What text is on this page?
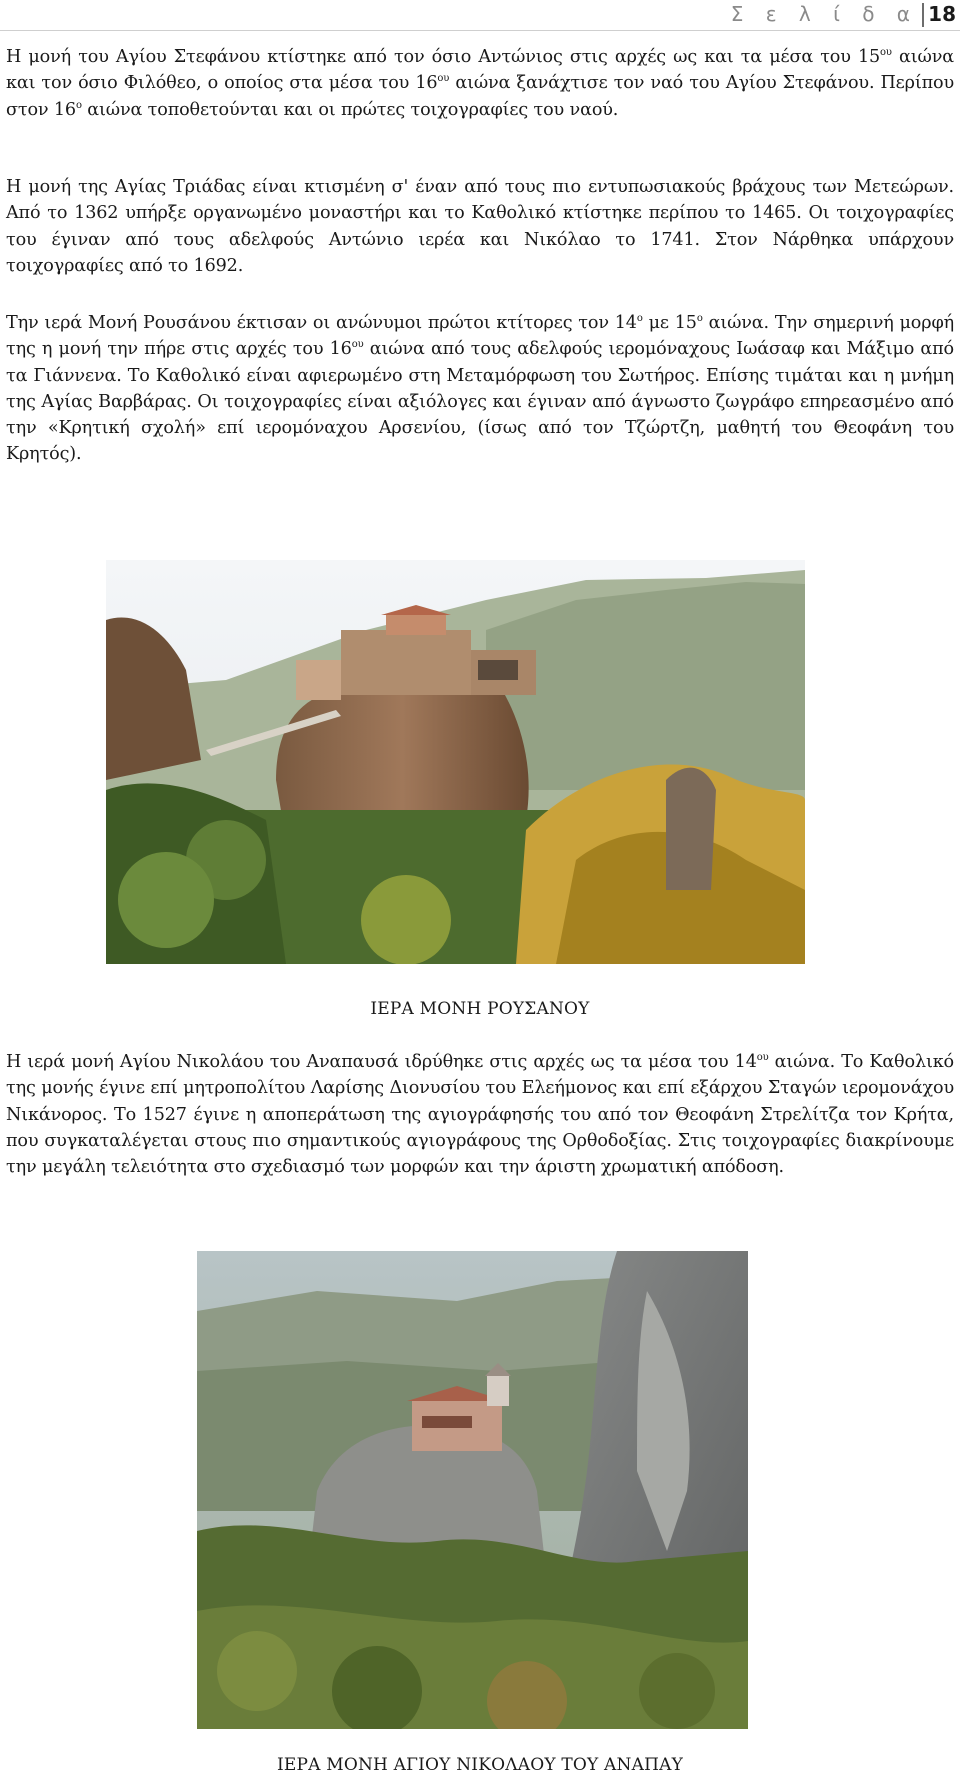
Σ ε λ ί δ α 18

Η μονή του Αγίου Στεφάνου κτίστηκε από τον όσιο Αντώνιος στις αρχές ως και τα μέσα του $15^{o\upsilon}$ αιώνα και τον όσιο Φιλόθεο, ο οποίος στα μέσα του $16^{o\upsilon}$ αιώνα ξανάχτισε τον ναό του Αγίου Στεφάνου. Περίπου στον $16^o$ αιώνα τοποθετούνται και οι πρώτες τοιχογραφίες του ναού.

Η μονή της Αγίας Τριάδας είναι κτισμένη σ' έναν από τους πιο εντυπωσιακούς βράχους των Μετεώρων. Από το 1362 υπήρξε οργανωμένο μοναστήρι και το Καθολικό κτίστηκε περίπου το 1465. Οι τοιχογραφίες του έγιναν από τους αδελφούς Αντώνιο ιερέα και Νικόλαο το 1741. Στον Νάρθηκα υπάρχουν τοιχογραφίες από το 1692.

Την ιερά Μονή Ρουσάνου έκτισαν οι ανώνυμοι πρώτοι κτίτορες τον $14^o$ με $15^o$ αιώνα. Την σημερινή μορφή της η μονή την πήρε στις αρχές του $16^{o\upsilon}$ αιώνα από τους αδελφούς ιερομόναχους Ιωάσαφ και Μάξιμο από τα Γιάννενα. Το Καθολικό είναι αφιερωμένο στη Μεταμόρφωση του Σωτήρος. Επίσης τιμάται και η μνήμη της Αγίας Βαρβάρας. Οι τοιχογραφίες είναι αξιόλογες και έγιναν από άγνωστο ζωγράφο επηρεασμένο από την «Κρητική σχολή» επί ιερομόναχου Αρσενίου, (ίσως από τον Τζώρτζη, μαθητή του Θεοφάνη του Κρητός).

ΙΕΡΑ ΜΟΝΗ ΡΟΥΣΑΝΟΥ

Η ιερά μονή Αγίου Νικολάου του Αναπαυσά ιδρύθηκε στις αρχές ως τα μέσα του $14^{o\upsilon}$ αιώνα. Το Καθολικό της μονής έγινε επί μητροπολίτου Λαρίσης Διονυσίου του Ελεήμονος και επί εξάρχου Σταγών ιερομονάχου Νικάνορος. Το 1527 έγινε η αποπεράτωση της αγιογράφησής του από τον Θεοφάνη Στρελίτζα τον Κρήτα, που συγκαταλέγεται στους πιο σημαντικούς αγιογράφους της Ορθοδοξίας. Στις τοιχογραφίες διακρίνουμε την μεγάλη τελειότητα στο σχεδιασμό των μορφών και την άριστη χρωματική απόδοση.

ΙΕΡΑ ΜΟΝΗ ΑΓΙΟΥ ΝΙΚΟΛΑΟΥ ΤΟΥ ΑΝΑΠΑΥ
